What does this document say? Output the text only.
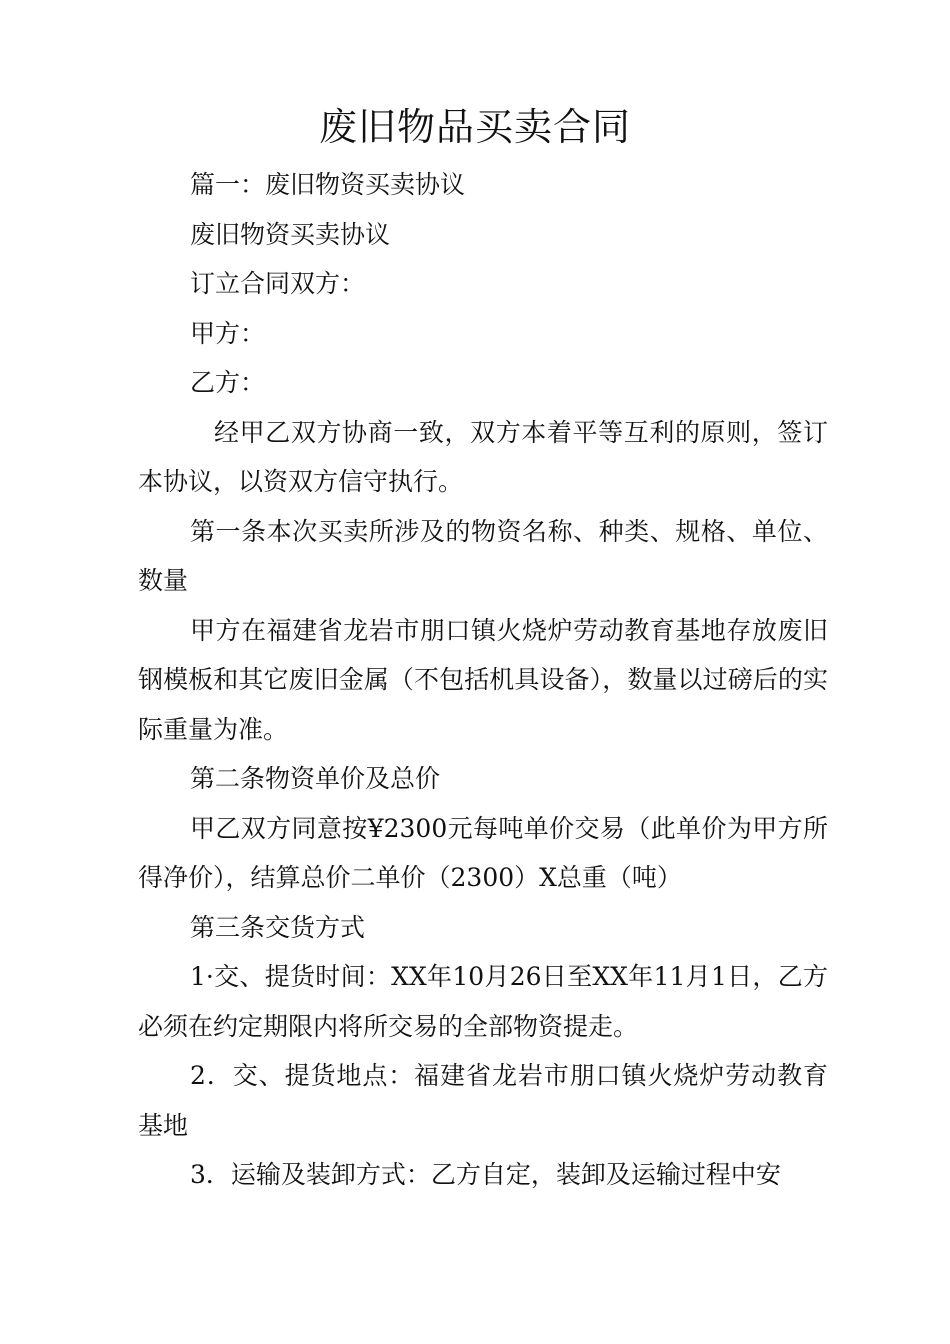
废旧物品买卖合同

篇一：废旧物资买卖协议

废旧物资买卖协议

订立合同双方：

甲方：

乙方：

经甲乙双方协商一致，双方本着平等互利的原则，签订本协议，以资双方信守执行。

第一条本次买卖所涉及的物资名称、种类、规格、单位、数量

甲方在福建省龙岩市朋口镇火烧炉劳动教育基地存放废旧钢模板和其它废旧金属（不包括机具设备），数量以过磅后的实际重量为准。

第二条物资单价及总价

甲乙双方同意按¥2300元每吨单价交易（此单价为甲方所得净价），结算总价二单价（2300）X总重（吨）

第三条交货方式

1·交、提货时间：XX年10月26日至XX年11月1日，乙方必须在约定期限内将所交易的全部物资提走。

2．交、提货地点：福建省龙岩市朋口镇火烧炉劳动教育基地

3．运输及装卸方式：乙方自定，装卸及运输过程中安
